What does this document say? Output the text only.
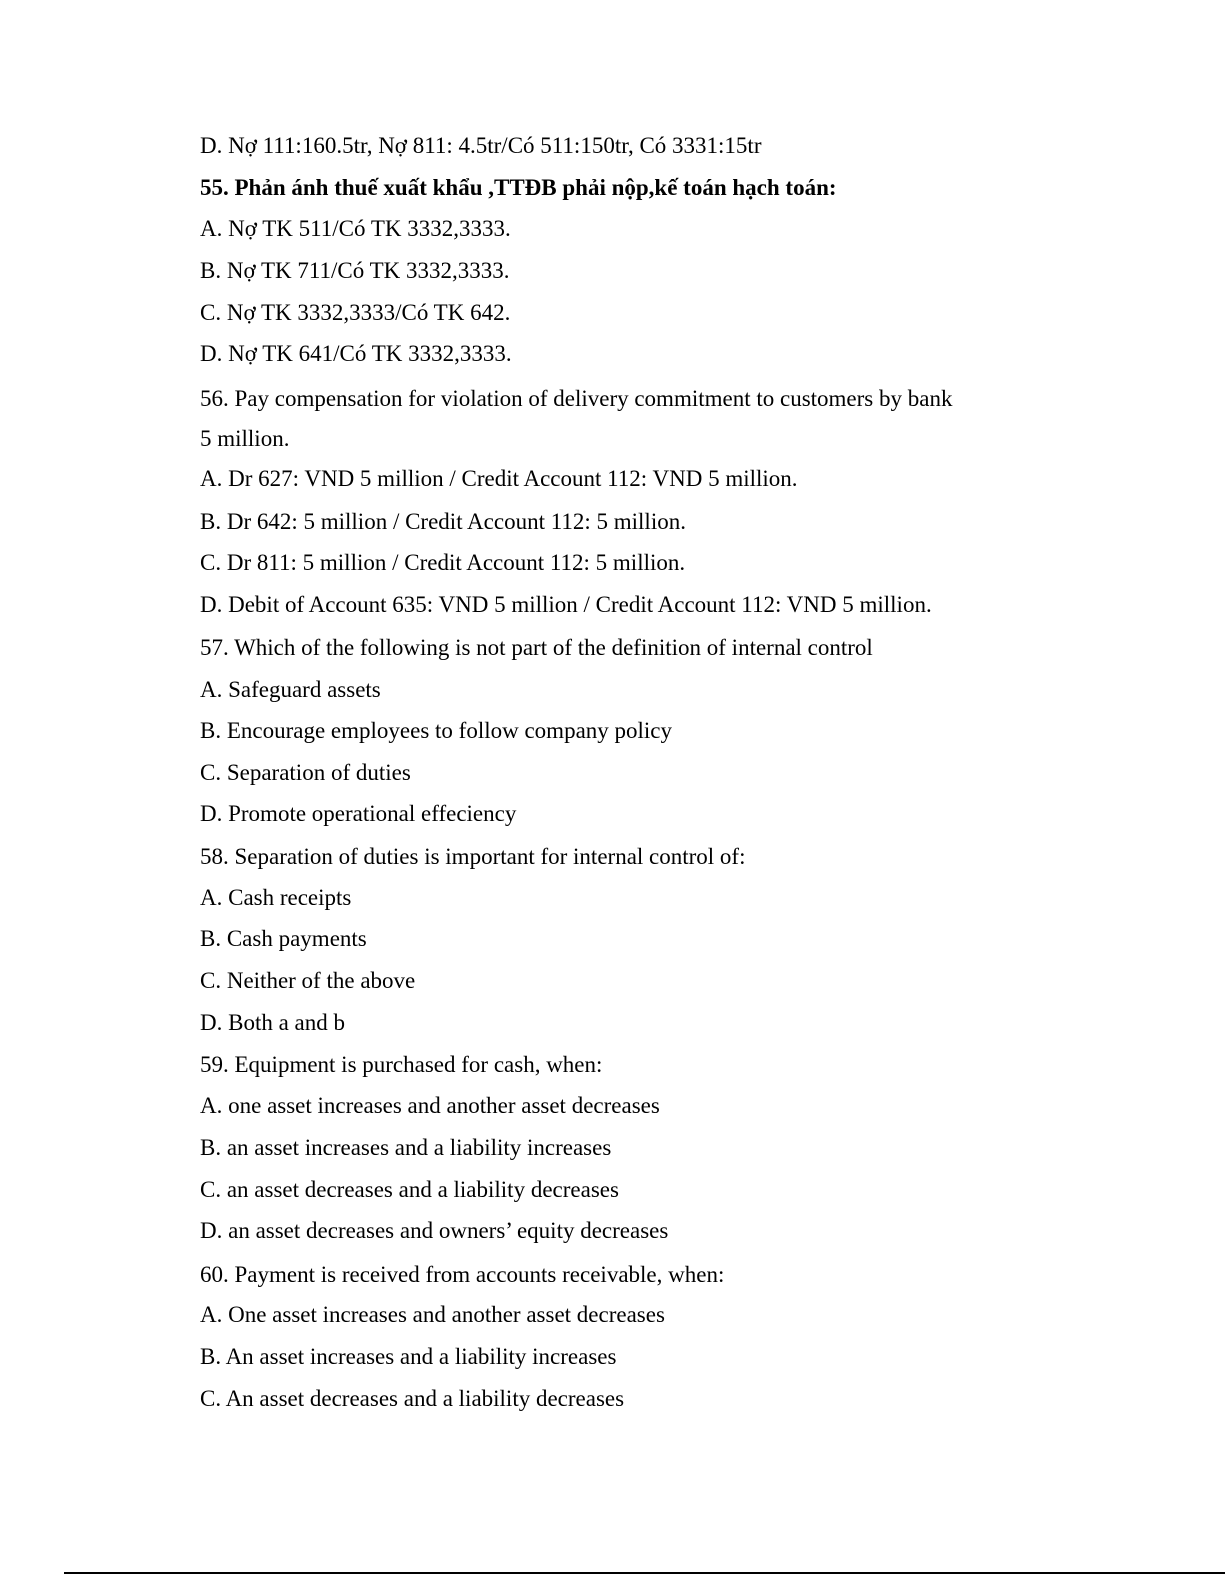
D. Nợ 111:160.5tr, Nợ 811: 4.5tr/Có 511:150tr, Có 3331:15tr
55. Phản ánh thuế xuất khẩu ,TTĐB phải nộp,kế toán hạch toán:
A. Nợ TK 511/Có TK 3332,3333.
B. Nợ TK 711/Có TK 3332,3333.
C. Nợ TK 3332,3333/Có TK 642.
D. Nợ TK 641/Có TK 3332,3333.
56. Pay compensation for violation of delivery commitment to customers by bank
5 million.
A. Dr 627: VND 5 million / Credit Account 112: VND 5 million.
B. Dr 642: 5 million / Credit Account 112: 5 million.
C. Dr 811: 5 million / Credit Account 112: 5 million.
D. Debit of Account 635: VND 5 million / Credit Account 112: VND 5 million.
57. Which of the following is not part of the definition of internal control
A. Safeguard assets
B. Encourage employees to follow company policy
C. Separation of duties
D. Promote operational effeciency
58. Separation of duties is important for internal control of:
A. Cash receipts
B. Cash payments
C. Neither of the above
D. Both a and b
59. Equipment is purchased for cash, when:
A. one asset increases and another asset decreases
B. an asset increases and a liability increases
C. an asset decreases and a liability decreases
D. an asset decreases and owners’ equity decreases
60. Payment is received from accounts receivable, when:
A. One asset increases and another asset decreases
B. An asset increases and a liability increases
C. An asset decreases and a liability decreases
